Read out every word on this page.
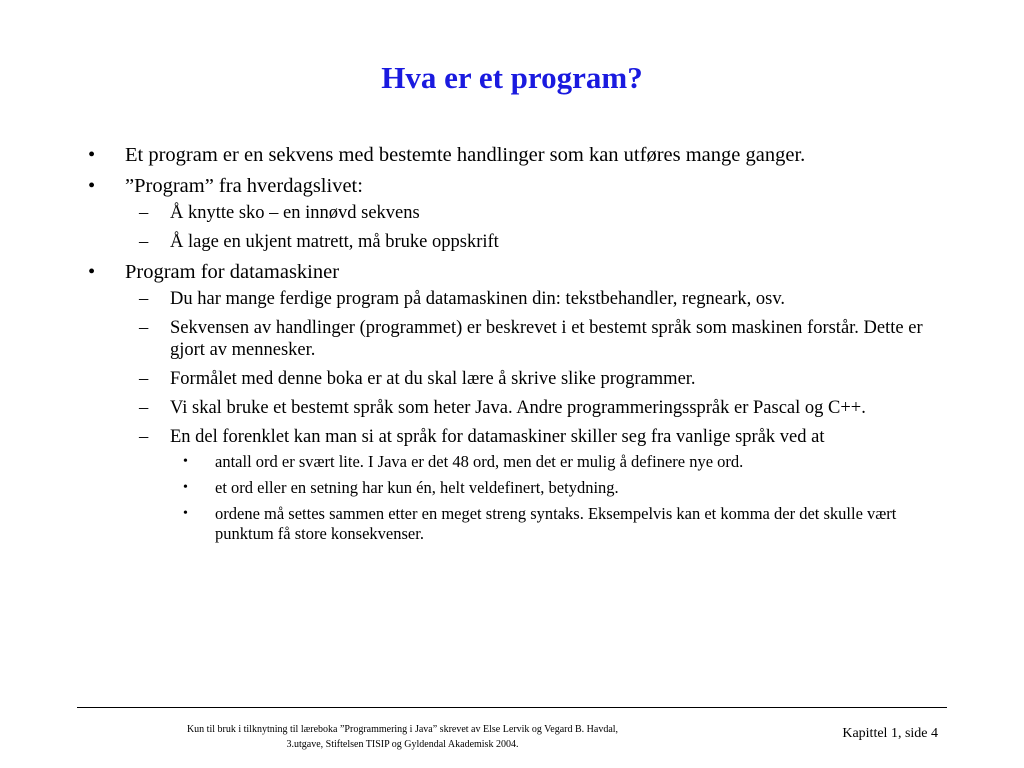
Hva er et program?
• Et program er en sekvens med bestemte handlinger som kan utføres mange ganger.
• ”Program” fra hverdagslivet:
– Å knytte sko – en innøvd sekvens
– Å lage en ukjent matrett, må bruke oppskrift
• Program for datamaskiner
– Du har mange ferdige program på datamaskinen din: tekstbehandler, regneark, osv.
– Sekvensen av handlinger (programmet) er beskrevet i et bestemt språk som maskinen forstår. Dette er gjort av mennesker.
– Formålet med denne boka er at du skal lære å skrive slike programmer.
– Vi skal bruke et bestemt språk som heter Java. Andre programmeringsspråk er Pascal og C++.
– En del forenklet kan man si at språk for datamaskiner skiller seg fra vanlige språk ved at
• antall ord er svært lite. I Java er det 48 ord, men det er mulig å definere nye ord.
• et ord eller en setning har kun én, helt veldefinert, betydning.
• ordene må settes sammen etter en meget streng syntaks. Eksempelvis kan et komma der det skulle vært punktum få store konsekvenser.
Kun til bruk i tilknytning til læreboka ”Programmering i Java” skrevet av Else Lervik og Vegard B. Havdal,
3.utgave, Stiftelsen TISIP og Gyldendal Akademisk 2004.
Kapittel 1, side 4
